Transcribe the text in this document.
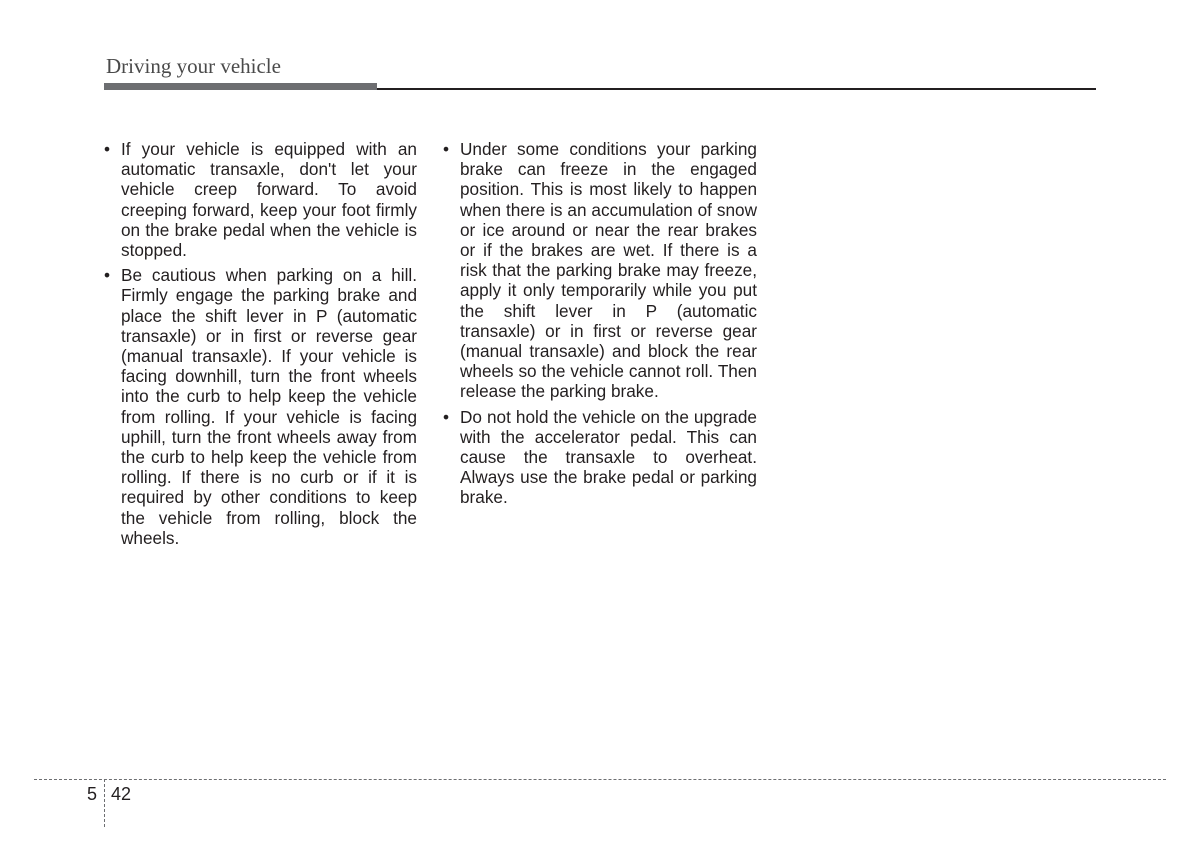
Driving your vehicle

• If your vehicle is equipped with an automatic transaxle, don't let your vehicle creep forward. To avoid creeping forward, keep your foot firmly on the brake pedal when the vehicle is stopped.

• Be cautious when parking on a hill. Firmly engage the parking brake and place the shift lever in P (automatic transaxle) or in first or reverse gear (manual transaxle). If your vehicle is facing downhill, turn the front wheels into the curb to help keep the vehicle from rolling. If your vehicle is facing uphill, turn the front wheels away from the curb to help keep the vehicle from rolling. If there is no curb or if it is required by other conditions to keep the vehicle from rolling, block the wheels.

• Under some conditions your parking brake can freeze in the engaged position. This is most likely to happen when there is an accumulation of snow or ice around or near the rear brakes or if the brakes are wet. If there is a risk that the parking brake may freeze, apply it only temporarily while you put the shift lever in P (automatic transaxle) or in first or reverse gear (manual transaxle) and block the rear wheels so the vehicle cannot roll. Then release the parking brake.

• Do not hold the vehicle on the upgrade with the accelerator pedal. This can cause the transaxle to overheat. Always use the brake pedal or parking brake.

5 42
